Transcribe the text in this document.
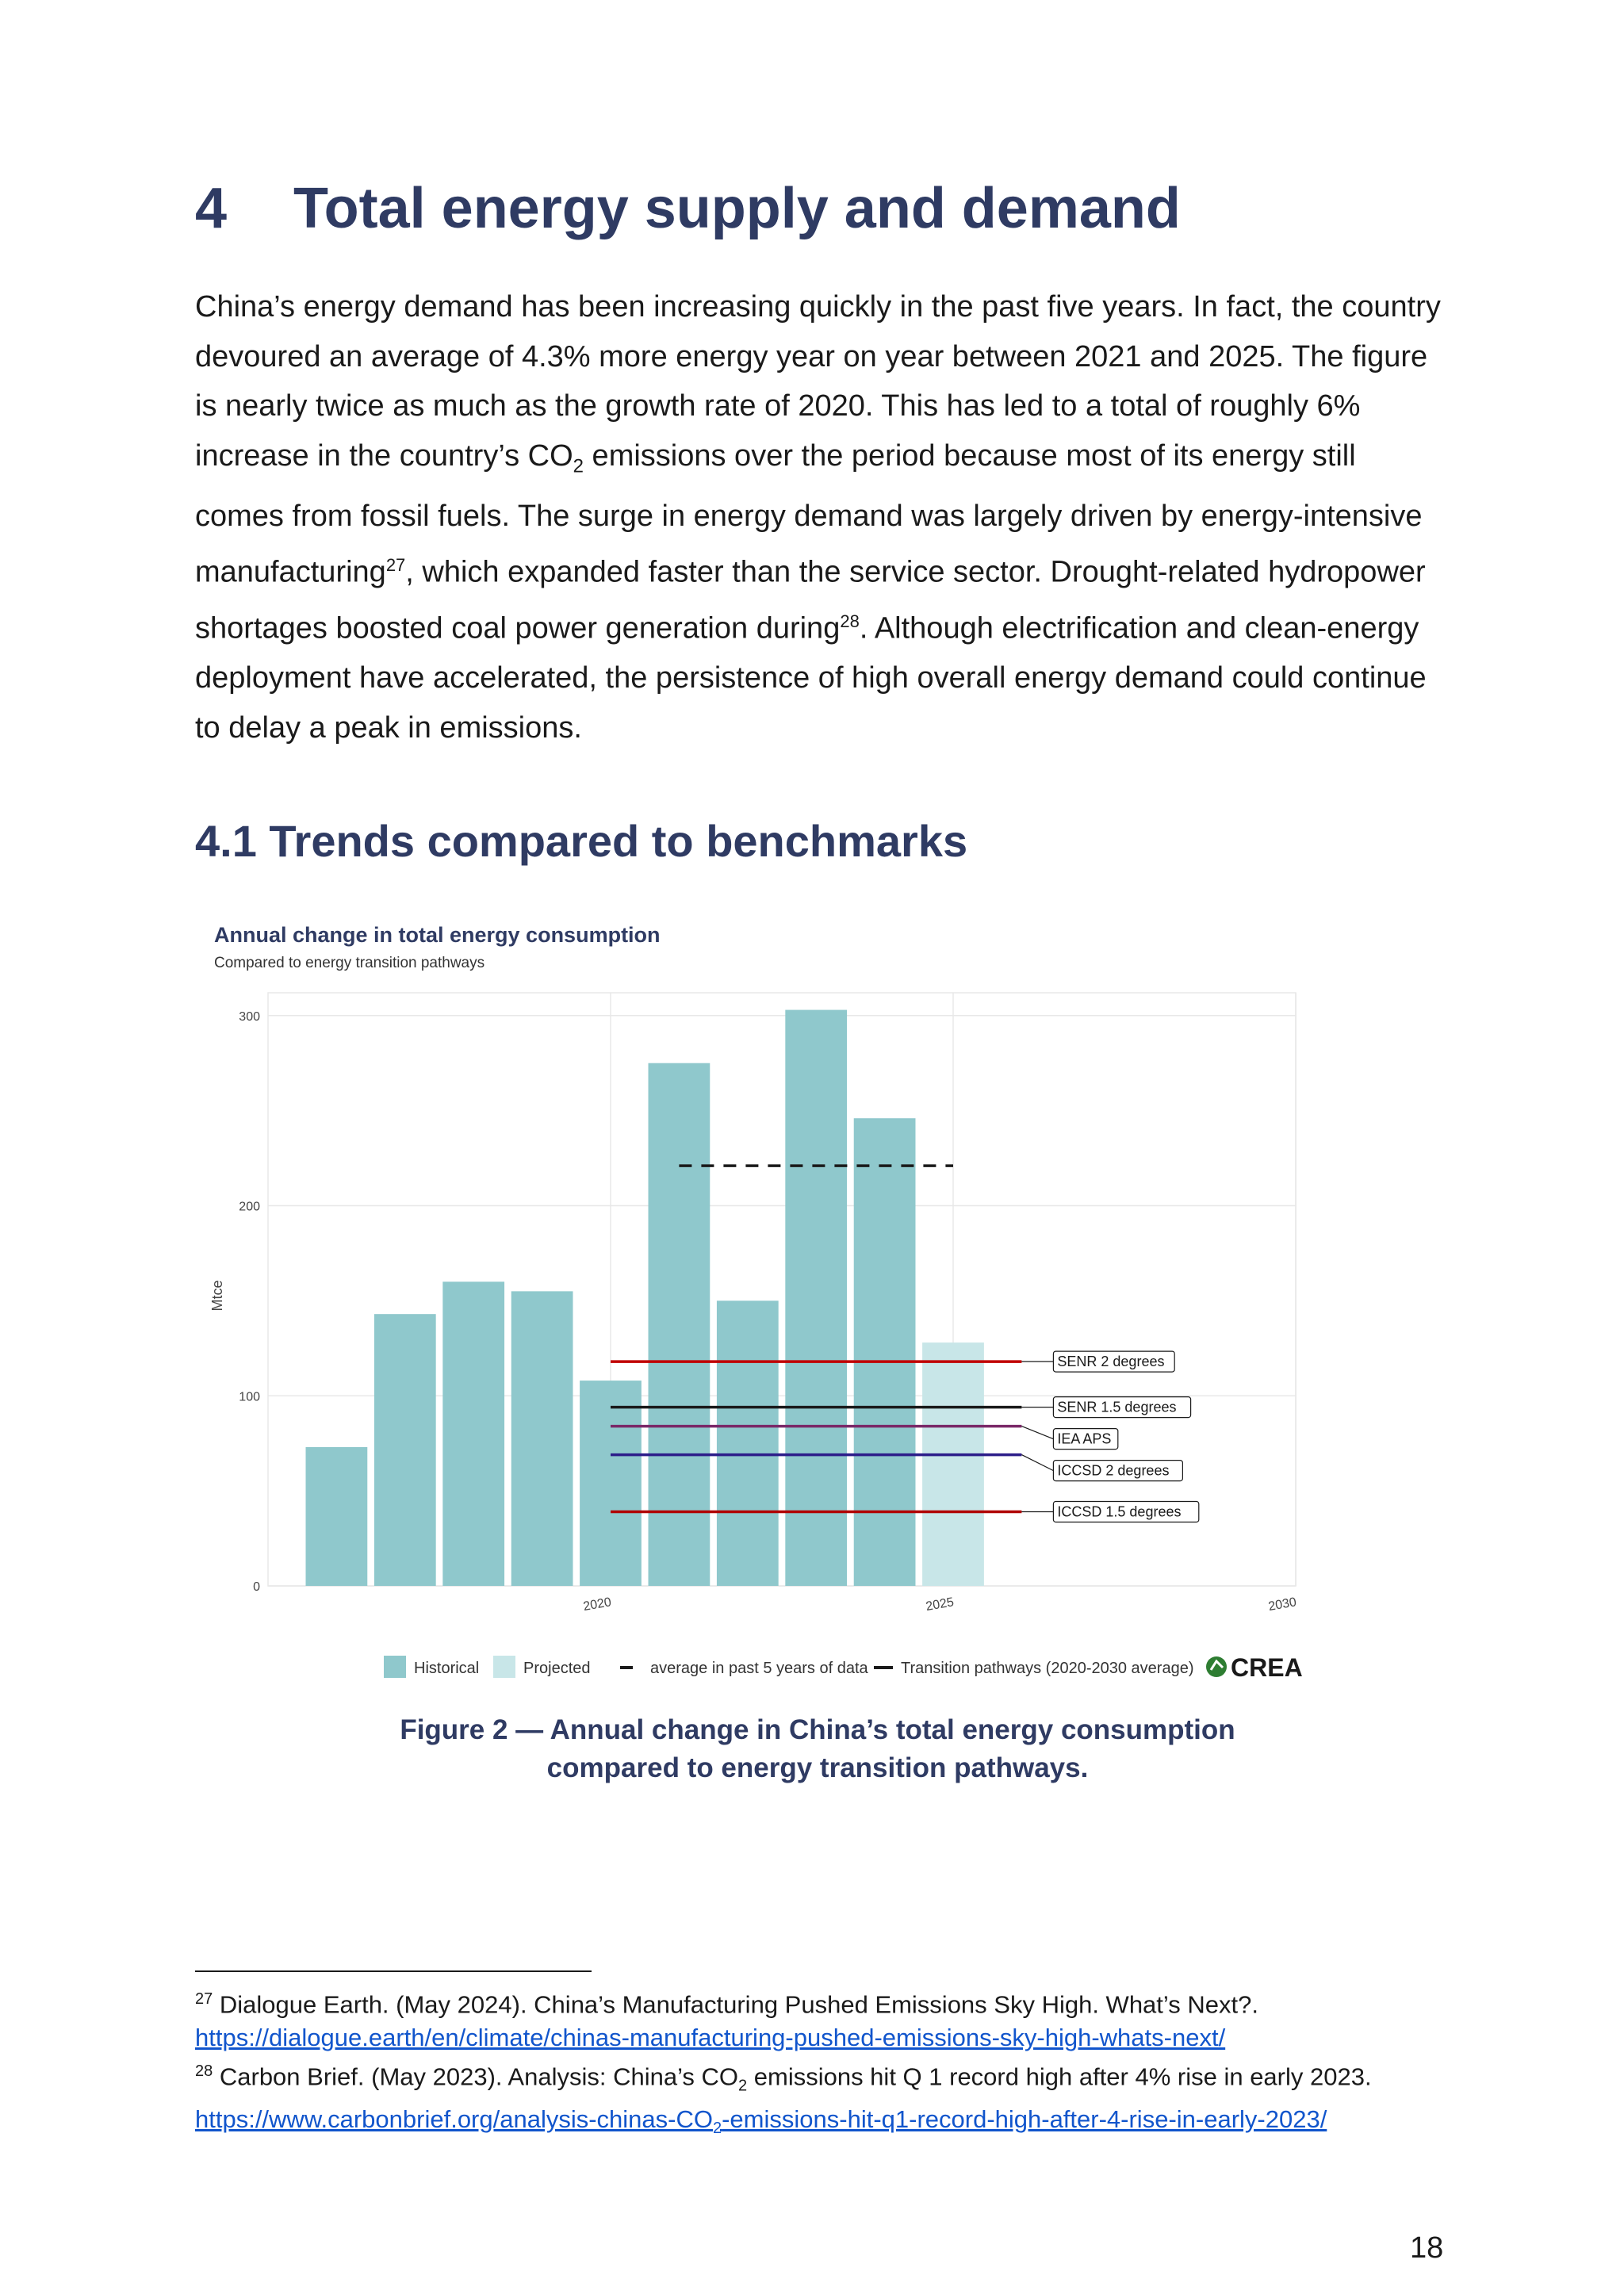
4 Total energy supply and demand

China’s energy demand has been increasing quickly in the past five years. In fact, the country devoured an average of 4.3% more energy year on year between 2021 and 2025. The figure is nearly twice as much as the growth rate of 2020. This has led to a total of roughly 6% increase in the country’s $CO_2$ emissions over the period because most of its energy still comes from fossil fuels. The surge in energy demand was largely driven by energy-intensive manufacturing$^{27}$, which expanded faster than the service sector. Drought-related hydropower shortages boosted coal power generation during$^{28}$. Although electrification and clean-energy deployment have accelerated, the persistence of high overall energy demand could continue to delay a peak in emissions.

4.1 Trends compared to benchmarks
Annual change in total energy consumption
Compared to energy transition pathways
SENR 2 degrees
SENR 1.5 degrees
IEA APS
ICCSD 2 degrees
ICCSD 1.5 degrees
0
100
200
300
2020	2025	2030
Mtce
Historical	Projected	average in past 5 years of data Transition pathways (2020-2030 average) CREA
Figure 2 — Annual change in China’s total energy consumption
compared to energy transition pathways.

$^{27}$ Dialogue Earth. (May 2024). China’s Manufacturing Pushed Emissions Sky High. What’s Next?.

https://dialogue.earth/en/climate/chinas-manufacturing-pushed-emissions-sky-high-whats-next/

$^{28}$ Carbon Brief. (May 2023). Analysis: China’s $CO_2$ emissions hit Q 1 record high after 4% rise in early 2023.

$https://www.carbonbrief.org/analysis-chinas-CO_2-emissions-hit-q1-record-high-after-4-rise-in-early-2023/$

18
